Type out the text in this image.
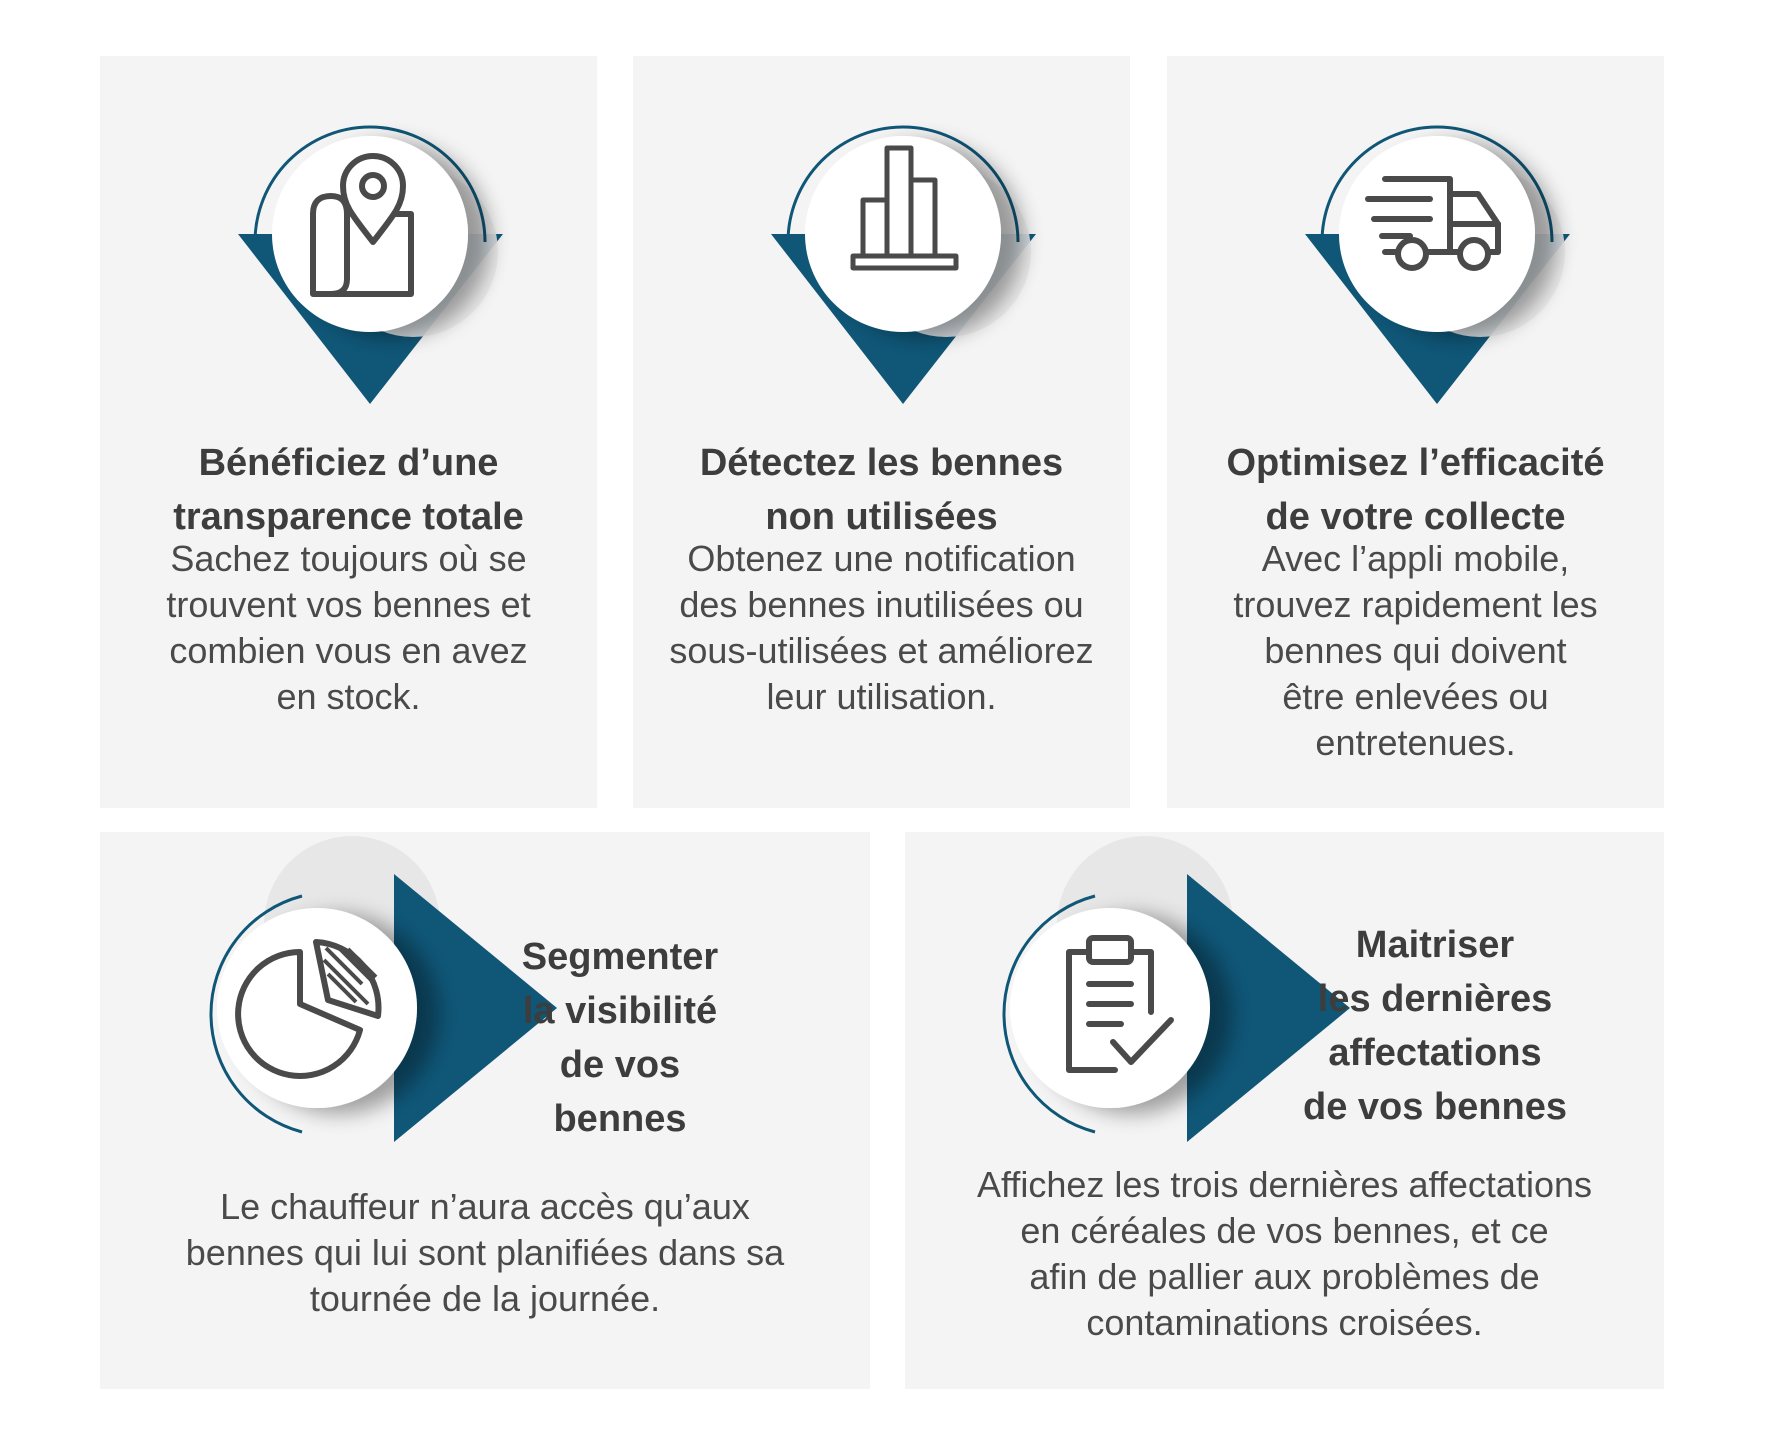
Bénéficiez d’une
transparence totale

Sachez toujours où se
trouvent vos bennes et
combien vous en avez
en stock.

Détectez les bennes
non utilisées

Obtenez une notification
des bennes inutilisées ou
sous-utilisées et améliorez
leur utilisation.

Optimisez l’efficacité
de votre collecte

Avec l’appli mobile,
trouvez rapidement les
bennes qui doivent
être enlevées ou
entretenues.

Segmenter
la visibilité
de vos
bennes

Le chauffeur n’aura accès qu’aux
bennes qui lui sont planifiées dans sa
tournée de la journée.

Maitriser
les dernières
affectations
de vos bennes

Affichez les trois dernières affectations
en céréales de vos bennes, et ce
afin de pallier aux problèmes de
contaminations croisées.
